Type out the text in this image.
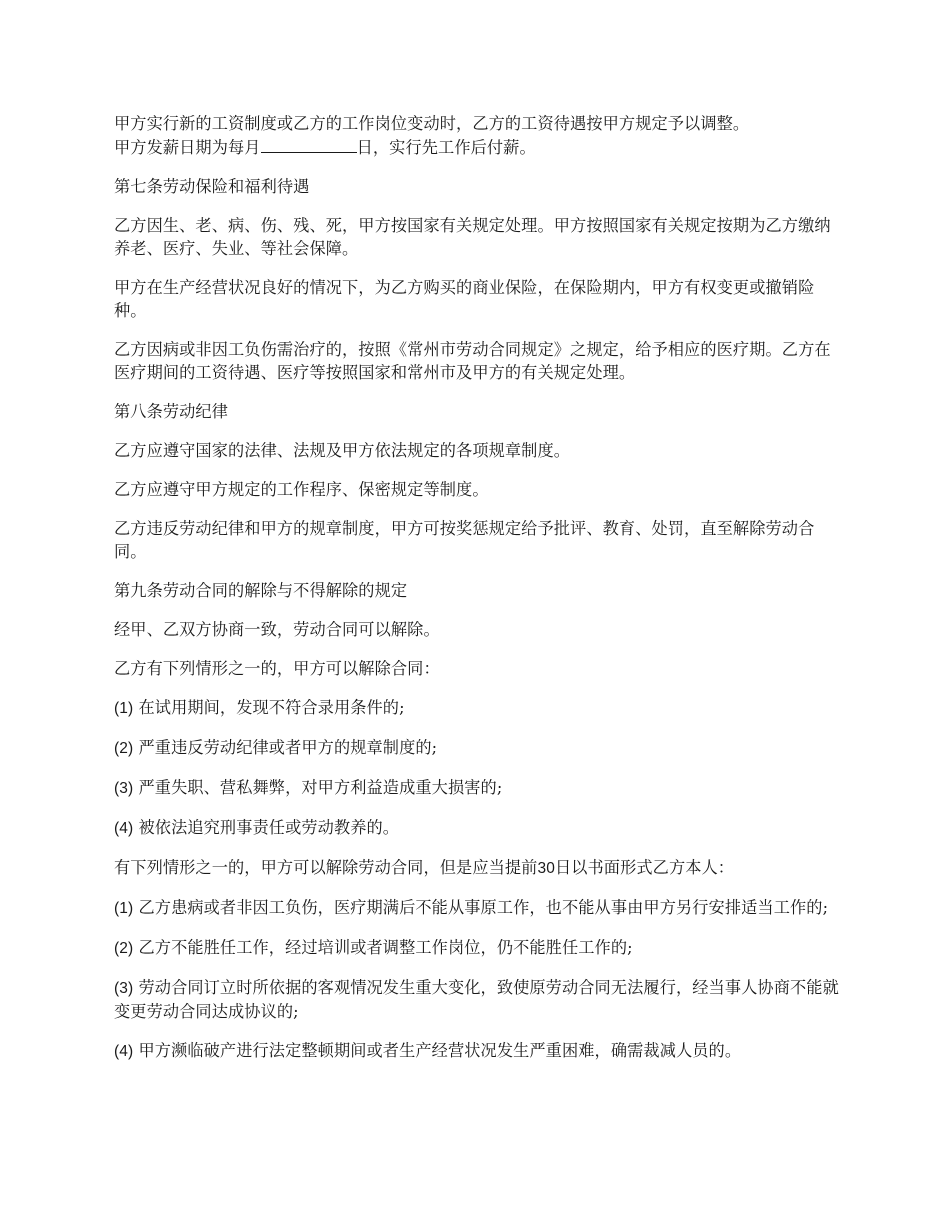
甲方实行新的工资制度或乙方的工作岗位变动时，乙方的工资待遇按甲方规定予以调整。
甲方发薪日期为每月	日，实行先工作后付薪。

第七条劳动保险和福利待遇

乙方因生、老、病、伤、残、死，甲方按国家有关规定处理。甲方按照国家有关规定按期为乙方缴纳养老、医疗、失业、等社会保障。

甲方在生产经营状况良好的情况下，为乙方购买的商业保险，在保险期内，甲方有权变更或撤销险种。

乙方因病或非因工负伤需治疗的，按照《常州市劳动合同规定》之规定，给予相应的医疗期。乙方在医疗期间的工资待遇、医疗等按照国家和常州市及甲方的有关规定处理。

第八条劳动纪律

乙方应遵守国家的法律、法规及甲方依法规定的各项规章制度。

乙方应遵守甲方规定的工作程序、保密规定等制度。

乙方违反劳动纪律和甲方的规章制度，甲方可按奖惩规定给予批评、教育、处罚，直至解除劳动合同。

第九条劳动合同的解除与不得解除的规定

经甲、乙双方协商一致，劳动合同可以解除。

乙方有下列情形之一的，甲方可以解除合同：

(1) 在试用期间，发现不符合录用条件的;

(2) 严重违反劳动纪律或者甲方的规章制度的;

(3) 严重失职、营私舞弊，对甲方利益造成重大损害的;

(4) 被依法追究刑事责任或劳动教养的。

有下列情形之一的，甲方可以解除劳动合同，但是应当提前30日以书面形式乙方本人：

(1) 乙方患病或者非因工负伤，医疗期满后不能从事原工作，也不能从事由甲方另行安排适当工作的;

(2) 乙方不能胜任工作，经过培训或者调整工作岗位，仍不能胜任工作的;

(3) 劳动合同订立时所依据的客观情况发生重大变化，致使原劳动合同无法履行，经当事人协商不能就变更劳动合同达成协议的;

(4) 甲方濒临破产进行法定整顿期间或者生产经营状况发生严重困难，确需裁减人员的。
